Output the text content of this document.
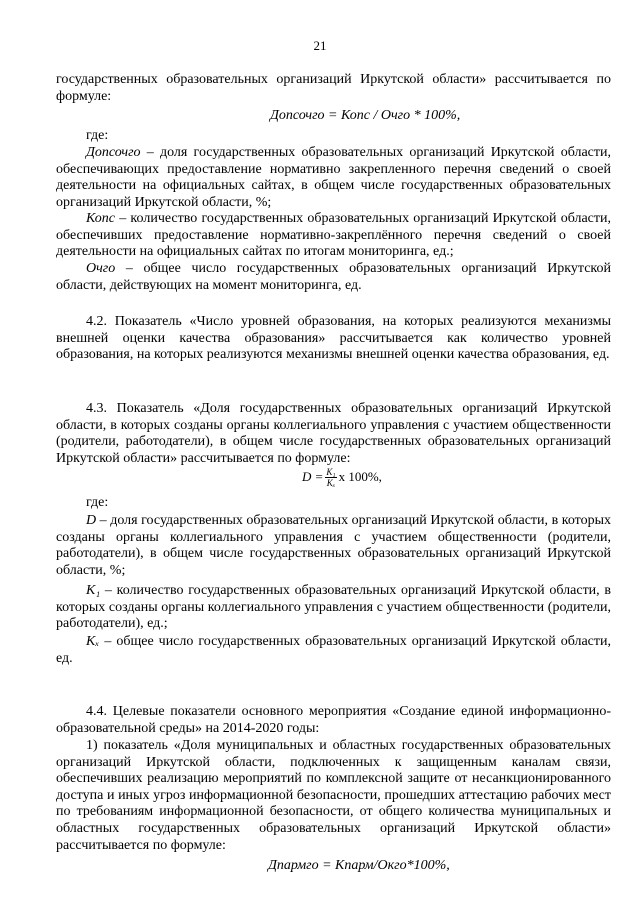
21

государственных образовательных организаций Иркутской области» рассчитывается по формуле:

Допсочго = Копс / Очго * 100%,
где:

Допсочго – доля государственных образовательных организаций Иркутской области, обеспечивающих предоставление нормативно закрепленного перечня сведений о своей деятельности на официальных сайтах, в общем числе государственных образовательных организаций Иркутской области, %;

Копс – количество государственных образовательных организаций Иркутской области, обеспечивших предоставление нормативно-закреплённого перечня сведений о своей деятельности на официальных сайтах по итогам мониторинга, ед.;

Очго – общее число государственных образовательных организаций Иркутской области, действующих на момент мониторинга, ед.

4.2. Показатель «Число уровней образования, на которых реализуются механизмы внешней оценки качества образования» рассчитывается как количество уровней образования, на которых реализуются механизмы внешней оценки качества образования, ед.

4.3. Показатель «Доля государственных образовательных организаций Иркутской области, в которых созданы органы коллегиального управления с участием общественности (родители, работодатели), в общем числе государственных образовательных организаций Иркутской области» рассчитывается по формуле:

$D = \frac{\text{K₁}}{\text{Kₓ}}$ x 100%,
где:

D – доля государственных образовательных организаций Иркутской области, в которых созданы органы коллегиального управления с участием общественности (родители, работодатели), в общем числе государственных образовательных организаций Иркутской области, %;

K₁ – количество государственных образовательных организаций Иркутской области, в которых созданы органы коллегиального управления с участием общественности (родители, работодатели), ед.;

Kₓ – общее число государственных образовательных организаций Иркутской области, ед.

4.4. Целевые показатели основного мероприятия «Создание единой информационно-образовательной среды» на 2014-2020 годы:

1) показатель «Доля муниципальных и областных государственных образовательных организаций Иркутской области, подключенных к защищенным каналам связи, обеспечивших реализацию мероприятий по комплексной защите от несанкционированного доступа и иных угроз информационной безопасности, прошедших аттестацию рабочих мест по требованиям информационной безопасности, от общего количества муниципальных и областных государственных образовательных организаций Иркутской области» рассчитывается по формуле:

Дпармго = Кпарм/Окго*100%,
